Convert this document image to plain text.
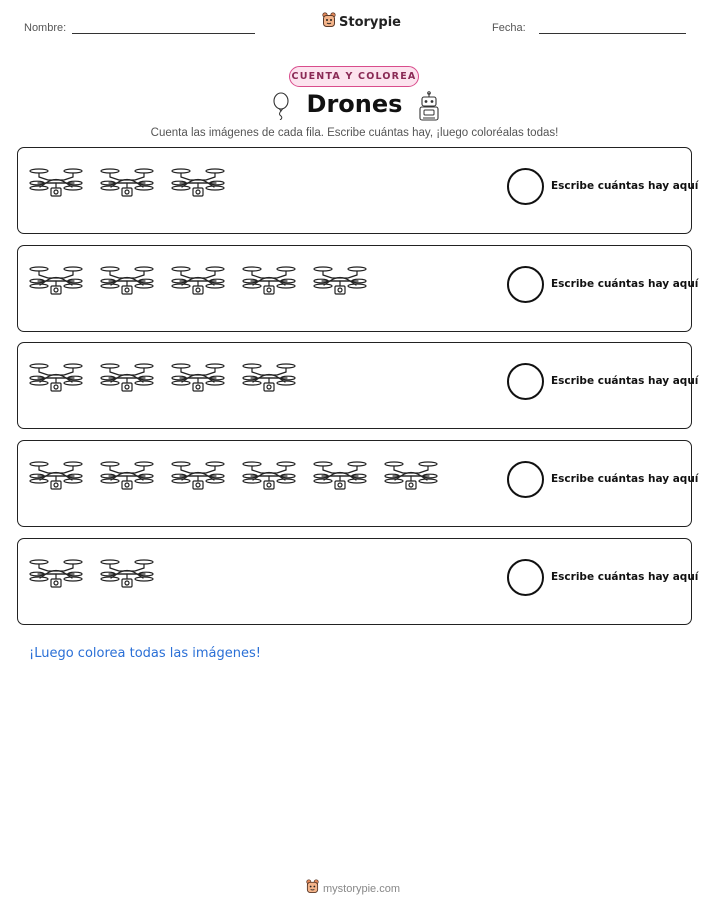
Nombre:	Storypie	Fecha:
CUENTA Y COLOREA
Drones
Cuenta las imágenes de cada fila. Escribe cuántas hay, ¡luego coloréalas todas!
Escribe cuántas hay aquí
Escribe cuántas hay aquí
Escribe cuántas hay aquí
Escribe cuántas hay aquí
Escribe cuántas hay aquí
¡Luego colorea todas las imágenes!
mystorypie.com
